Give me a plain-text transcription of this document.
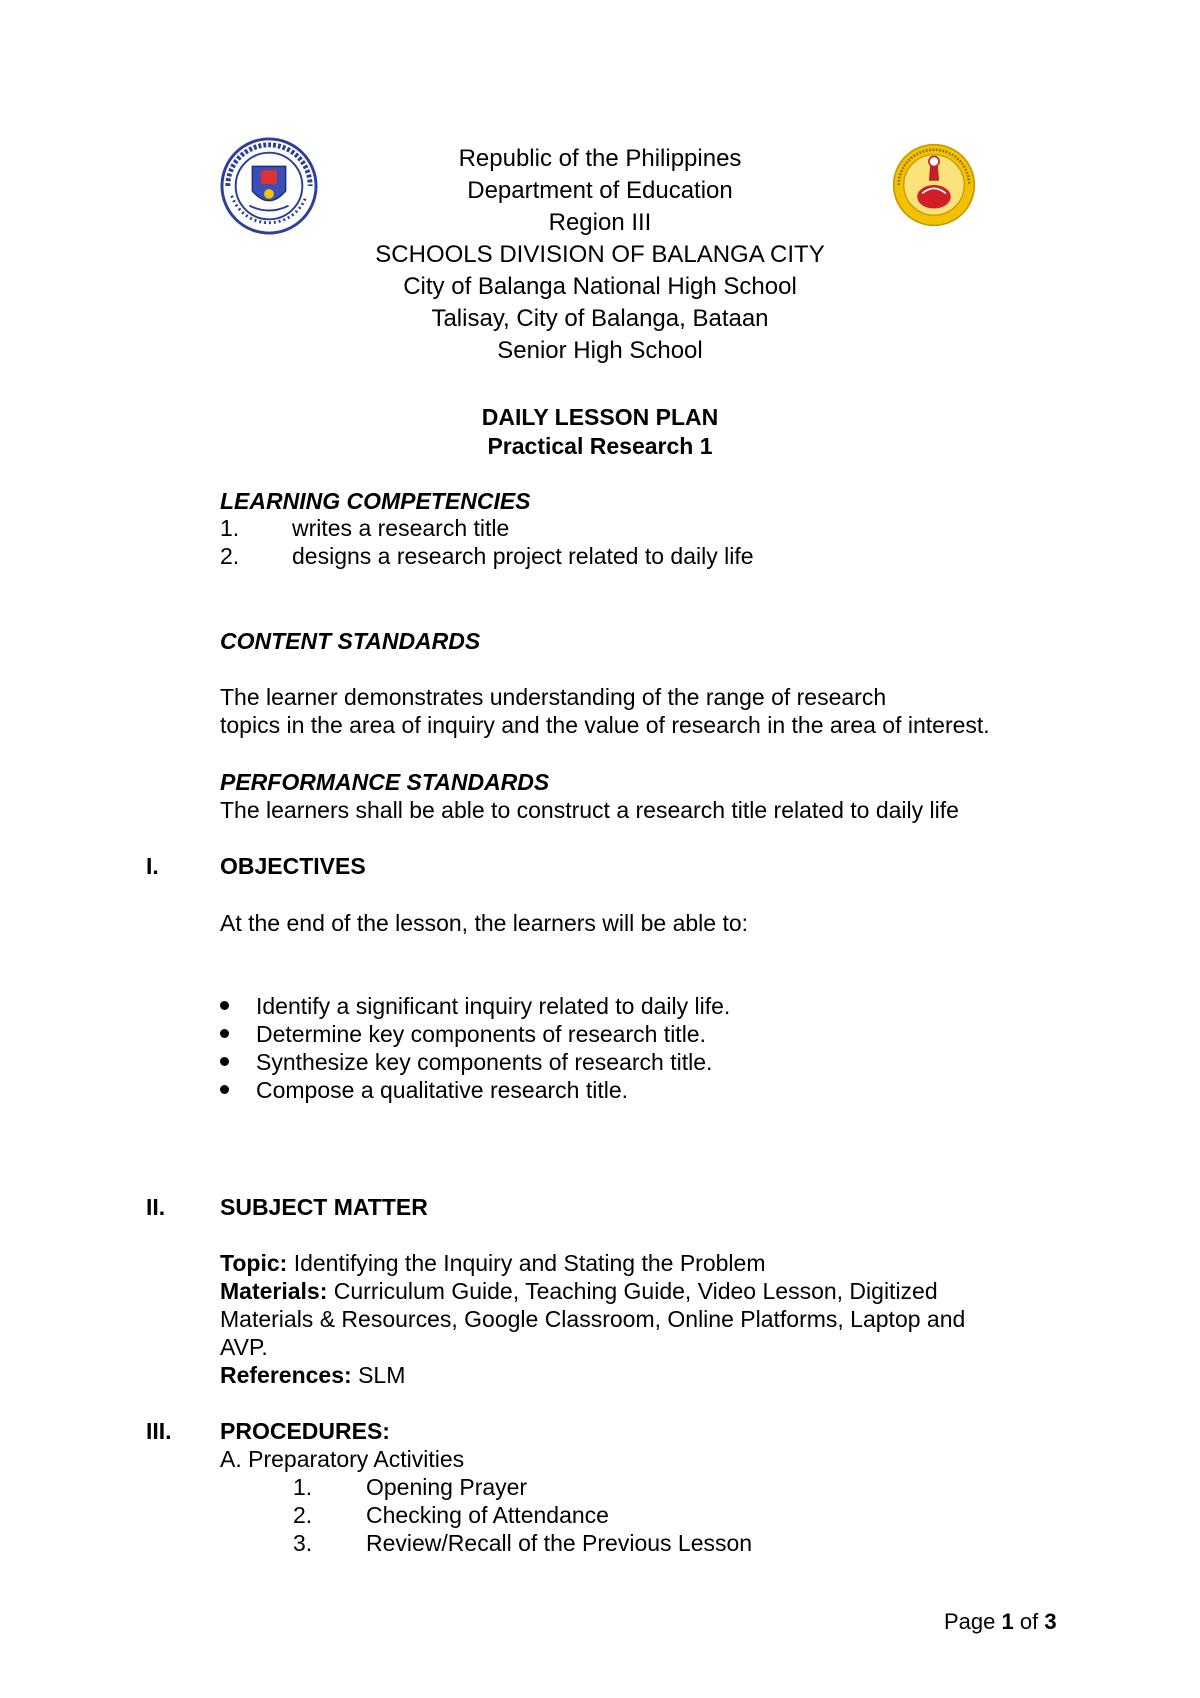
Republic of the Philippines
Department of Education
Region III
SCHOOLS DIVISION OF BALANGA CITY
City of Balanga National High School
Talisay, City of Balanga, Bataan
Senior High School
DAILY LESSON PLAN
Practical Research 1
LEARNING COMPETENCIES
1. writes a research title
2. designs a research project related to daily life
CONTENT STANDARDS
The learner demonstrates understanding of the range of research
topics in the area of inquiry and the value of research in the area of interest.
PERFORMANCE STANDARDS
The learners shall be able to construct a research title related to daily life
I.	OBJECTIVES
At the end of the lesson, the learners will be able to:
Identify a significant inquiry related to daily life.
Determine key components of research title.
Synthesize key components of research title.
Compose a qualitative research title.
II. SUBJECT MATTER
Topic: Identifying the Inquiry and Stating the Problem
Materials: Curriculum Guide, Teaching Guide, Video Lesson, Digitized
Materials & Resources, Google Classroom, Online Platforms, Laptop and
AVP.
References: SLM
III. PROCEDURES:
A. Preparatory Activities
1. Opening Prayer
2. Checking of Attendance
3. Review/Recall of the Previous Lesson
Page 1 of 3
